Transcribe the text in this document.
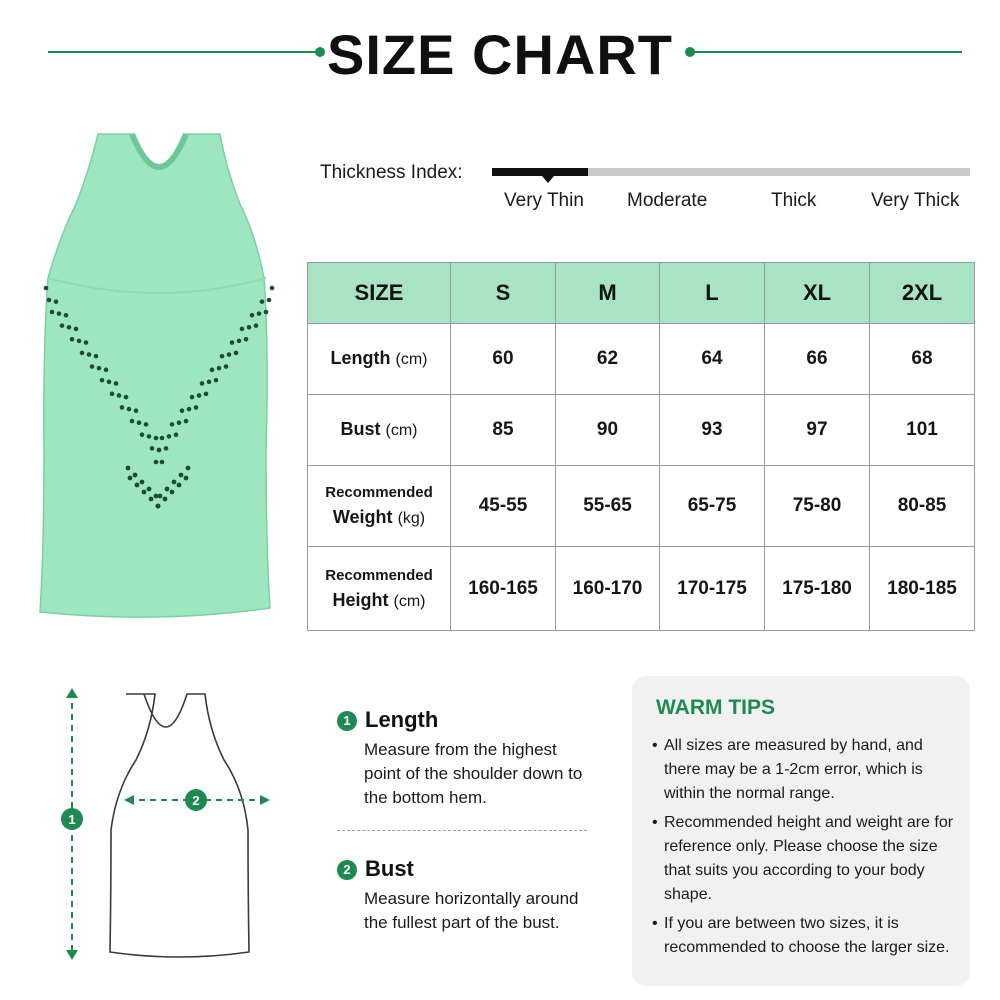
SIZE CHART
Thickness Index:
Very Thin Moderate	Thick	Very Thick
SIZE	S	M	L	XL	2XL
Length (cm)	60	62	64	66	68
Bust (cm)	85	90	93	97	101

Recommended
Weight (kg)	45-55	55-65	65-75	75-80	80-85

Recommended
Height (cm)	160-165	160-170	170-175	175-180	180-185
1
2
1 Length
Measure from the highest point of the shoulder down to the bottom hem.
2 Bust
Measure horizontally around the fullest part of the bust.
WARM TIPS
• All sizes are measured by hand, and there may be a 1-2cm error, which is within the normal range.
• Recommended height and weight are for reference only. Please choose the size that suits you according to your body shape.
• If you are between two sizes, it is recommended to choose the larger size.
